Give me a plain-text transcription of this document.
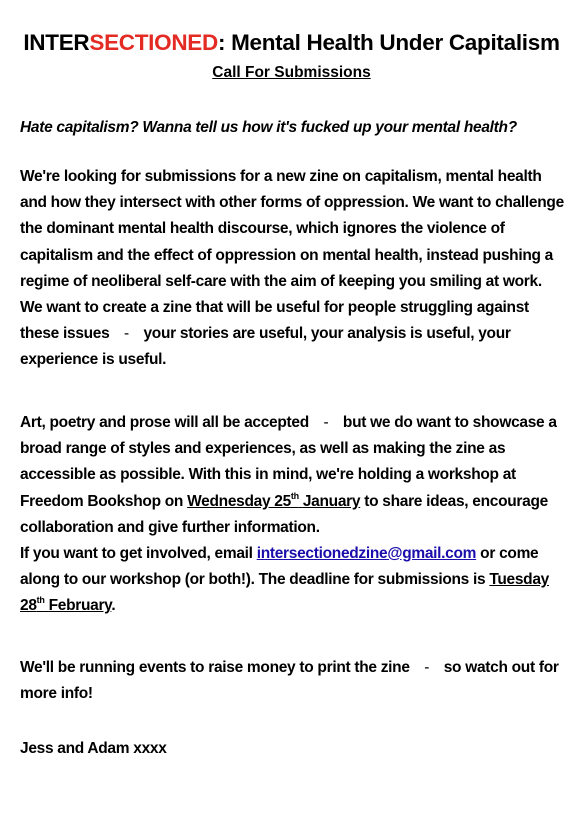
INTERSECTIONED: Mental Health Under Capitalism
Call For Submissions

Hate capitalism? Wanna tell us how it's fucked up your mental health?

We're looking for submissions for a new zine on capitalism, mental health and how they intersect with other forms of oppression. We want to challenge the dominant mental health discourse, which ignores the violence of capitalism and the effect of oppression on mental health, instead pushing a regime of neoliberal self-care with the aim of keeping you smiling at work. We want to create a zine that will be useful for people struggling against these issues - your stories are useful, your analysis is useful, your experience is useful.

Art, poetry and prose will all be accepted - but we do want to showcase a broad range of styles and experiences, as well as making the zine as accessible as possible. With this in mind, we're holding a workshop at Freedom Bookshop on Wednesday 25th January to share ideas, encourage collaboration and give further information.
If you want to get involved, email intersectionedzine@gmail.com or come along to our workshop (or both!). The deadline for submissions is Tuesday 28th February.

We'll be running events to raise money to print the zine - so watch out for more info!

Jess and Adam xxxx
